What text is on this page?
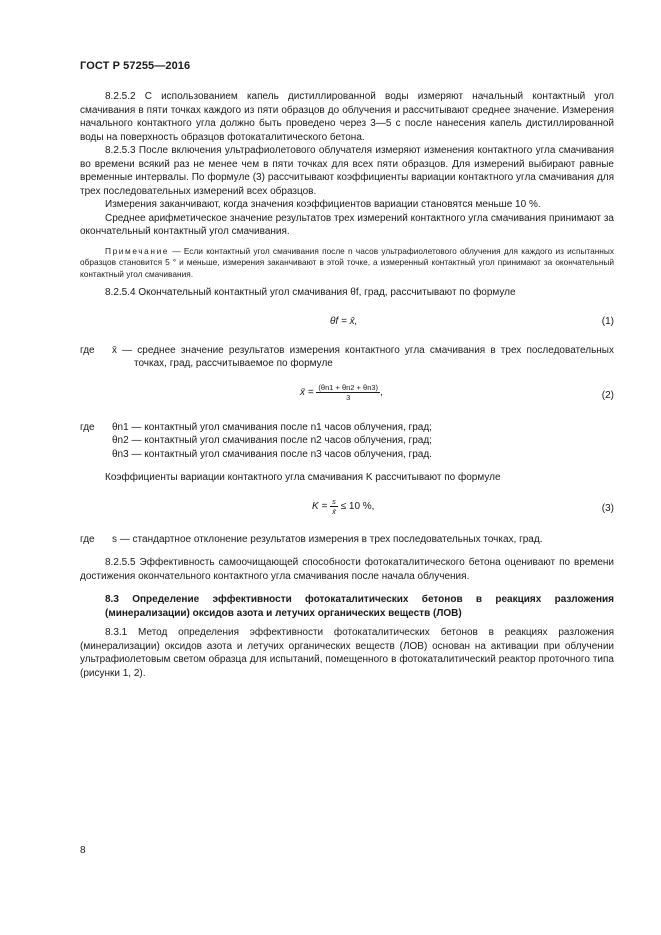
ГОСТ Р 57255—2016

8.2.5.2 С использованием капель дистиллированной воды измеряют начальный контактный угол смачивания в пяти точках каждого из пяти образцов до облучения и рассчитывают среднее значение. Измерения начального контактного угла должно быть проведено через 3—5 с после нанесения капель дистиллированной воды на поверхность образцов фотокаталитического бетона.

8.2.5.3 После включения ультрафиолетового облучателя измеряют изменения контактного угла смачивания во времени всякий раз не менее чем в пяти точках для всех пяти образцов. Для измерений выбирают равные временные интервалы. По формуле (3) рассчитывают коэффициенты вариации контактного угла смачивания для трех последовательных измерений всех образцов.

Измерения заканчивают, когда значения коэффициентов вариации становятся меньше 10 %.

Среднее арифметическое значение результатов трех измерений контактного угла смачивания принимают за окончательный контактный угол смачивания.

Примечание — Если контактный угол смачивания после n часов ультрафиолетового облучения для каждого из испытанных образцов становится 5 ° и меньше, измерения заканчивают в этой точке, а измеренный контактный угол принимают за окончательный контактный угол смачивания.

8.2.5.4 Окончательный контактный угол смачивания θf, град, рассчитывают по формуле

θf = x̄,	(1)
где	x̄ — среднее значение результатов измерения контактного угла смачивания в трех последовательных точках, град, рассчитываемое по формуле
x̄ = $\frac{(\theta n1 + \theta n2 + \theta n3)}{3}$ ,	(2)
где	θn1 — контактный угол смачивания после n1 часов облучения, град;
θn2 — контактный угол смачивания после n2 часов облучения, град;
θn3 — контактный угол смачивания после n3 часов облучения, град.

Коэффициенты вариации контактного угла смачивания K рассчитывают по формуле

$K = \frac{s}{x̄} \le 10$ %,	(3)
где	s — стандартное отклонение результатов измерения в трех последовательных точках, град.

8.2.5.5 Эффективность самоочищающей способности фотокаталитического бетона оценивают по времени достижения окончательного контактного угла смачивания после начала облучения.

8.3 Определение эффективности фотокаталитических бетонов в реакциях разложения (минерализации) оксидов азота и летучих органических веществ (ЛОВ)

8.3.1 Метод определения эффективности фотокаталитических бетонов в реакциях разложения (минерализации) оксидов азота и летучих органических веществ (ЛОВ) основан на активации при облучении ультрафиолетовым светом образца для испытаний, помещенного в фотокаталитический реактор проточного типа (рисунки 1, 2).

8
